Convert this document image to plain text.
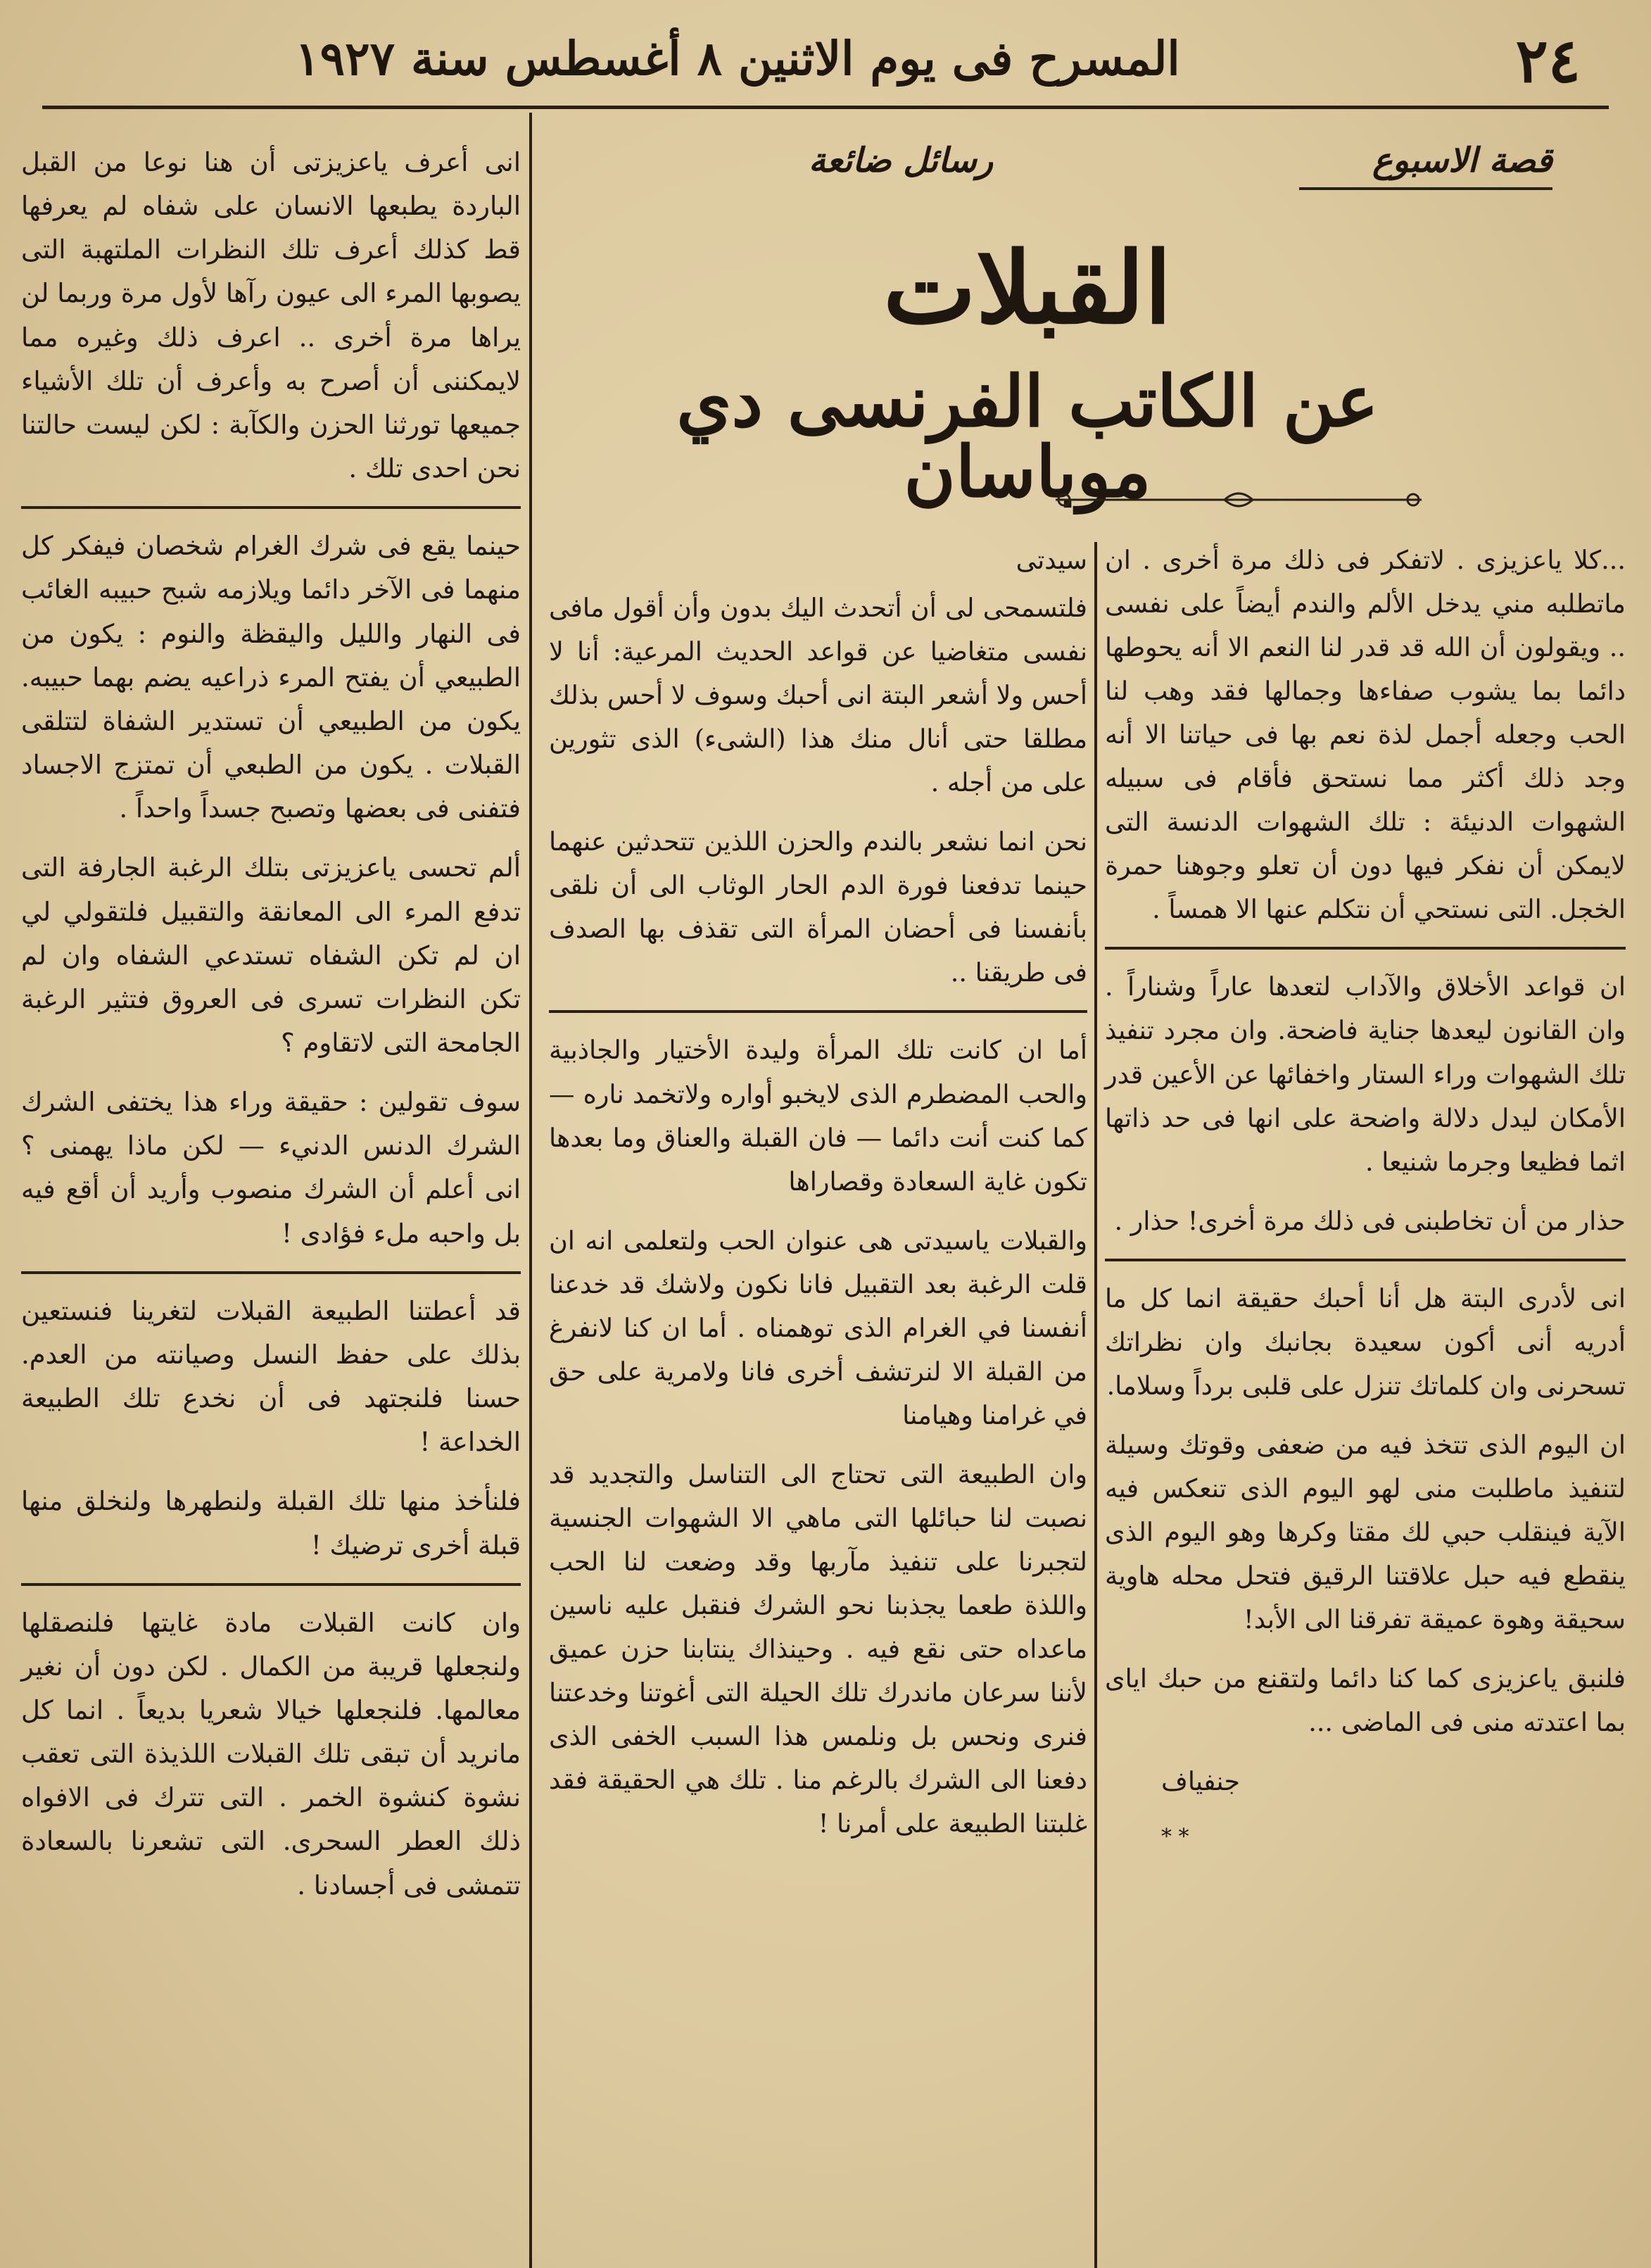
٢٤
المسرح فى يوم الاثنين ٨ أغسطس سنة ١٩٢٧
قصة الاسبوع
رسائل ضائعة
القبلات
عن الكاتب الفرنسى دي موباسان

...كلا ياعزيزى . لاتفكر فى ذلك مرة أخرى . ان ماتطلبه مني يدخل الألم والندم أيضاً على نفسى .. ويقولون أن الله قد قدر لنا النعم الا أنه يحوطها دائما بما يشوب صفاءها وجمالها فقد وهب لنا الحب وجعله أجمل لذة نعم بها فى حياتنا الا أنه وجد ذلك أكثر مما نستحق فأقام فى سبيله الشهوات الدنيئة : تلك الشهوات الدنسة التى لايمكن أن نفكر فيها دون أن تعلو وجوهنا حمرة الخجل. التى نستحي أن نتكلم عنها الا همساً .

ان قواعد الأخلاق والآداب لتعدها عاراً وشناراً . وان القانون ليعدها جناية فاضحة. وان مجرد تنفيذ تلك الشهوات وراء الستار واخفائها عن الأعين قدر الأمكان ليدل دلالة واضحة على انها فى حد ذاتها اثما فظيعا وجرما شنيعا .

حذار من أن تخاطبنى فى ذلك مرة أخرى! حذار .

انى لأدرى البتة هل أنا أحبك حقيقة انما كل ما أدريه أنى أكون سعيدة بجانبك وان نظراتك تسحرنى وان كلماتك تنزل على قلبى برداً وسلاما.

ان اليوم الذى تتخذ فيه من ضعفى وقوتك وسيلة لتنفيذ ماطلبت منى لهو اليوم الذى تنعكس فيه الآية فينقلب حبي لك مقتا وكرها وهو اليوم الذى ينقطع فيه حبل علاقتنا الرقيق فتحل محله هاوية سحيقة وهوة عميقة تفرقنا الى الأبد!

فلنبق ياعزيزى كما كنا دائما ولتقنع من حبك اياى بما اعتدته منى فى الماضى ...

جنفياف

* *

سيدتى

فلتسمحى لى أن أتحدث اليك بدون وأن أقول مافى نفسى متغاضيا عن قواعد الحديث المرعية: أنا لا أحس ولا أشعر البتة انى أحبك وسوف لا أحس بذلك مطلقا حتى أنال منك هذا (الشىء) الذى تثورين على من أجله .

نحن انما نشعر بالندم والحزن اللذين تتحدثين عنهما حينما تدفعنا فورة الدم الحار الوثاب الى أن نلقى بأنفسنا فى أحضان المرأة التى تقذف بها الصدف فى طريقنا ..

أما ان كانت تلك المرأة وليدة الأختيار والجاذبية والحب المضطرم الذى لايخبو أواره ولاتخمد ناره — كما كنت أنت دائما — فان القبلة والعناق وما بعدها تكون غاية السعادة وقصاراها

والقبلات ياسيدتى هى عنوان الحب ولتعلمى انه ان قلت الرغبة بعد التقبيل فانا نكون ولاشك قد خدعنا أنفسنا في الغرام الذى توهمناه . أما ان كنا لانفرغ من القبلة الا لنرتشف أخرى فانا ولامرية على حق في غرامنا وهيامنا

وان الطبيعة التى تحتاج الى التناسل والتجديد قد نصبت لنا حبائلها التى ماهي الا الشهوات الجنسية لتجبرنا على تنفيذ مآربها وقد وضعت لنا الحب واللذة طعما يجذبنا نحو الشرك فنقبل عليه ناسين ماعداه حتى نقع فيه . وحينذاك ينتابنا حزن عميق لأننا سرعان ماندرك تلك الحيلة التى أغوتنا وخدعتنا فنرى ونحس بل ونلمس هذا السبب الخفى الذى دفعنا الى الشرك بالرغم منا . تلك هي الحقيقة فقد غلبتنا الطبيعة على أمرنا !

انى أعرف ياعزيزتى أن هنا نوعا من القبل الباردة يطبعها الانسان على شفاه لم يعرفها قط كذلك أعرف تلك النظرات الملتهبة التى يصوبها المرء الى عيون رآها لأول مرة وربما لن يراها مرة أخرى .. اعرف ذلك وغيره مما لايمكننى أن أصرح به وأعرف أن تلك الأشياء جميعها تورثنا الحزن والكآبة : لكن ليست حالتنا نحن احدى تلك .

حينما يقع فى شرك الغرام شخصان فيفكر كل منهما فى الآخر دائما ويلازمه شبح حبيبه الغائب فى النهار والليل واليقظة والنوم : يكون من الطبيعي أن يفتح المرء ذراعيه يضم بهما حبيبه. يكون من الطبيعي أن تستدير الشفاة لتتلقى القبلات . يكون من الطبعي أن تمتزج الاجساد فتفنى فى بعضها وتصبح جسداً واحداً .

ألم تحسى ياعزيزتى بتلك الرغبة الجارفة التى تدفع المرء الى المعانقة والتقبيل فلتقولي لي ان لم تكن الشفاه تستدعي الشفاه وان لم تكن النظرات تسرى فى العروق فتثير الرغبة الجامحة التى لاتقاوم ؟

سوف تقولين : حقيقة وراء هذا يختفى الشرك الشرك الدنس الدنيء — لكن ماذا يهمنى ؟ انى أعلم أن الشرك منصوب وأريد أن أقع فيه بل واحبه ملء فؤادى !

قد أعطتنا الطبيعة القبلات لتغرينا فنستعين بذلك على حفظ النسل وصيانته من العدم. حسنا فلنجتهد فى أن نخدع تلك الطبيعة الخداعة !

فلنأخذ منها تلك القبلة ولنطهرها ولنخلق منها قبلة أخرى ترضيك !

وان كانت القبلات مادة غايتها فلنصقلها ولنجعلها قريبة من الكمال . لكن دون أن نغير معالمها. فلنجعلها خيالا شعريا بديعاً . انما كل مانريد أن تبقى تلك القبلات اللذيذة التى تعقب نشوة كنشوة الخمر . التى تترك فى الافواه ذلك العطر السحرى. التى تشعرنا بالسعادة تتمشى فى أجسادنا .
